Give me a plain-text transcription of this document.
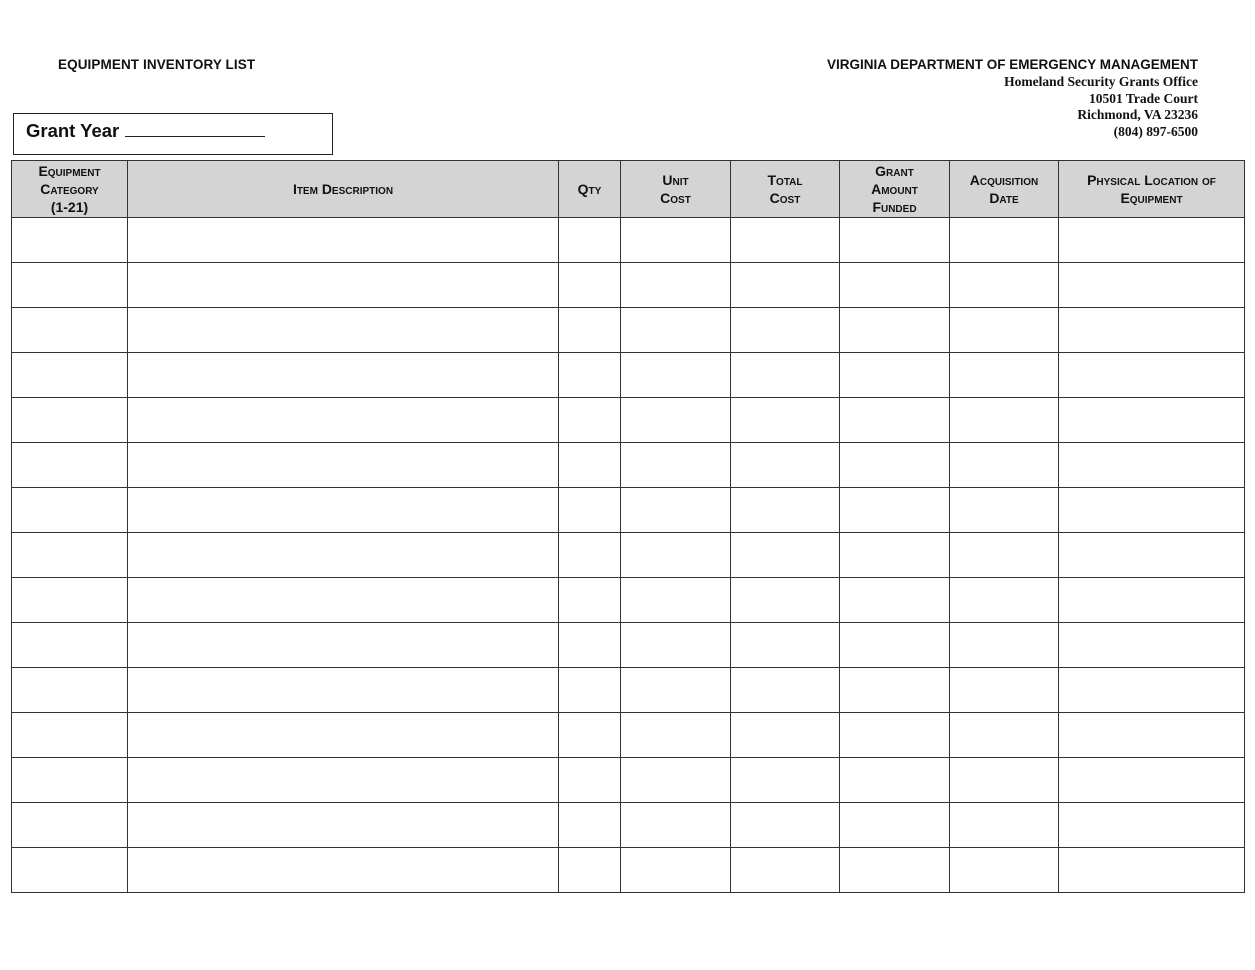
EQUIPMENT INVENTORY LIST	VIRGINIA DEPARTMENT OF EMERGENCY MANAGEMENT
Homeland Security Grants Office
10501 Trade Court
Richmond, VA 23236
(804) 897-6500
Grant Year
Equipment Category (1-21)	Item Description	Qty	Unit Cost	Total Cost	Grant Amount Funded	Acquisition Date	Physical Location of Equipment
